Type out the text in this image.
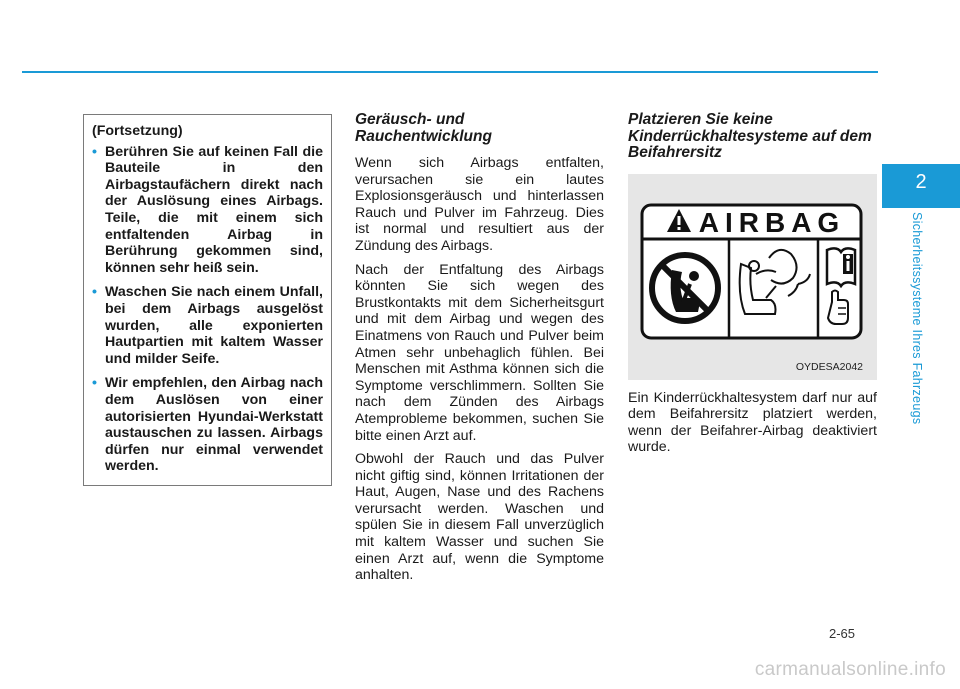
(Fortsetzung)
• Berühren Sie auf keinen Fall die Bauteile in den Airbagstaufächern direkt nach der Auslösung eines Airbags. Teile, die mit einem sich entfaltenden Airbag in Berührung gekommen sind, können sehr heiß sein.
• Waschen Sie nach einem Unfall, bei dem Airbags ausgelöst wurden, alle exponierten Hautpartien mit kaltem Wasser und milder Seife.
• Wir empfehlen, den Airbag nach dem Auslösen von einer autorisierten Hyundai-Werkstatt austauschen zu lassen. Airbags dürfen nur einmal verwendet werden.
Geräusch- und Rauchentwicklung

Wenn sich Airbags entfalten, verursachen sie ein lautes Explosionsgeräusch und hinterlassen Rauch und Pulver im Fahrzeug. Dies ist normal und resultiert aus der Zündung des Airbags.

Nach der Entfaltung des Airbags könnten Sie sich wegen des Brustkontakts mit dem Sicherheitsgurt und mit dem Airbag und wegen des Einatmens von Rauch und Pulver beim Atmen sehr unbehaglich fühlen. Bei Menschen mit Asthma können sich die Symptome verschlimmern. Sollten Sie nach dem Zünden des Airbags Atemprobleme bekommen, suchen Sie bitte einen Arzt auf.

Obwohl der Rauch und das Pulver nicht giftig sind, können Irritationen der Haut, Augen, Nase und des Rachens verursacht werden. Waschen und spülen Sie in diesem Fall unverzüglich mit kaltem Wasser und suchen Sie einen Arzt auf, wenn die Symptome anhalten.

Platzieren Sie keine Kinderrückhaltesysteme auf dem Beifahrersitz
AIRBAG
OYDESA2042

Ein Kinderrückhaltesystem darf nur auf dem Beifahrersitz platziert werden, wenn der Beifahrer-Airbag deaktiviert wurde.

2
Sicherheitssysteme Ihres Fahrzeugs
2-65
carmanualsonline.info
